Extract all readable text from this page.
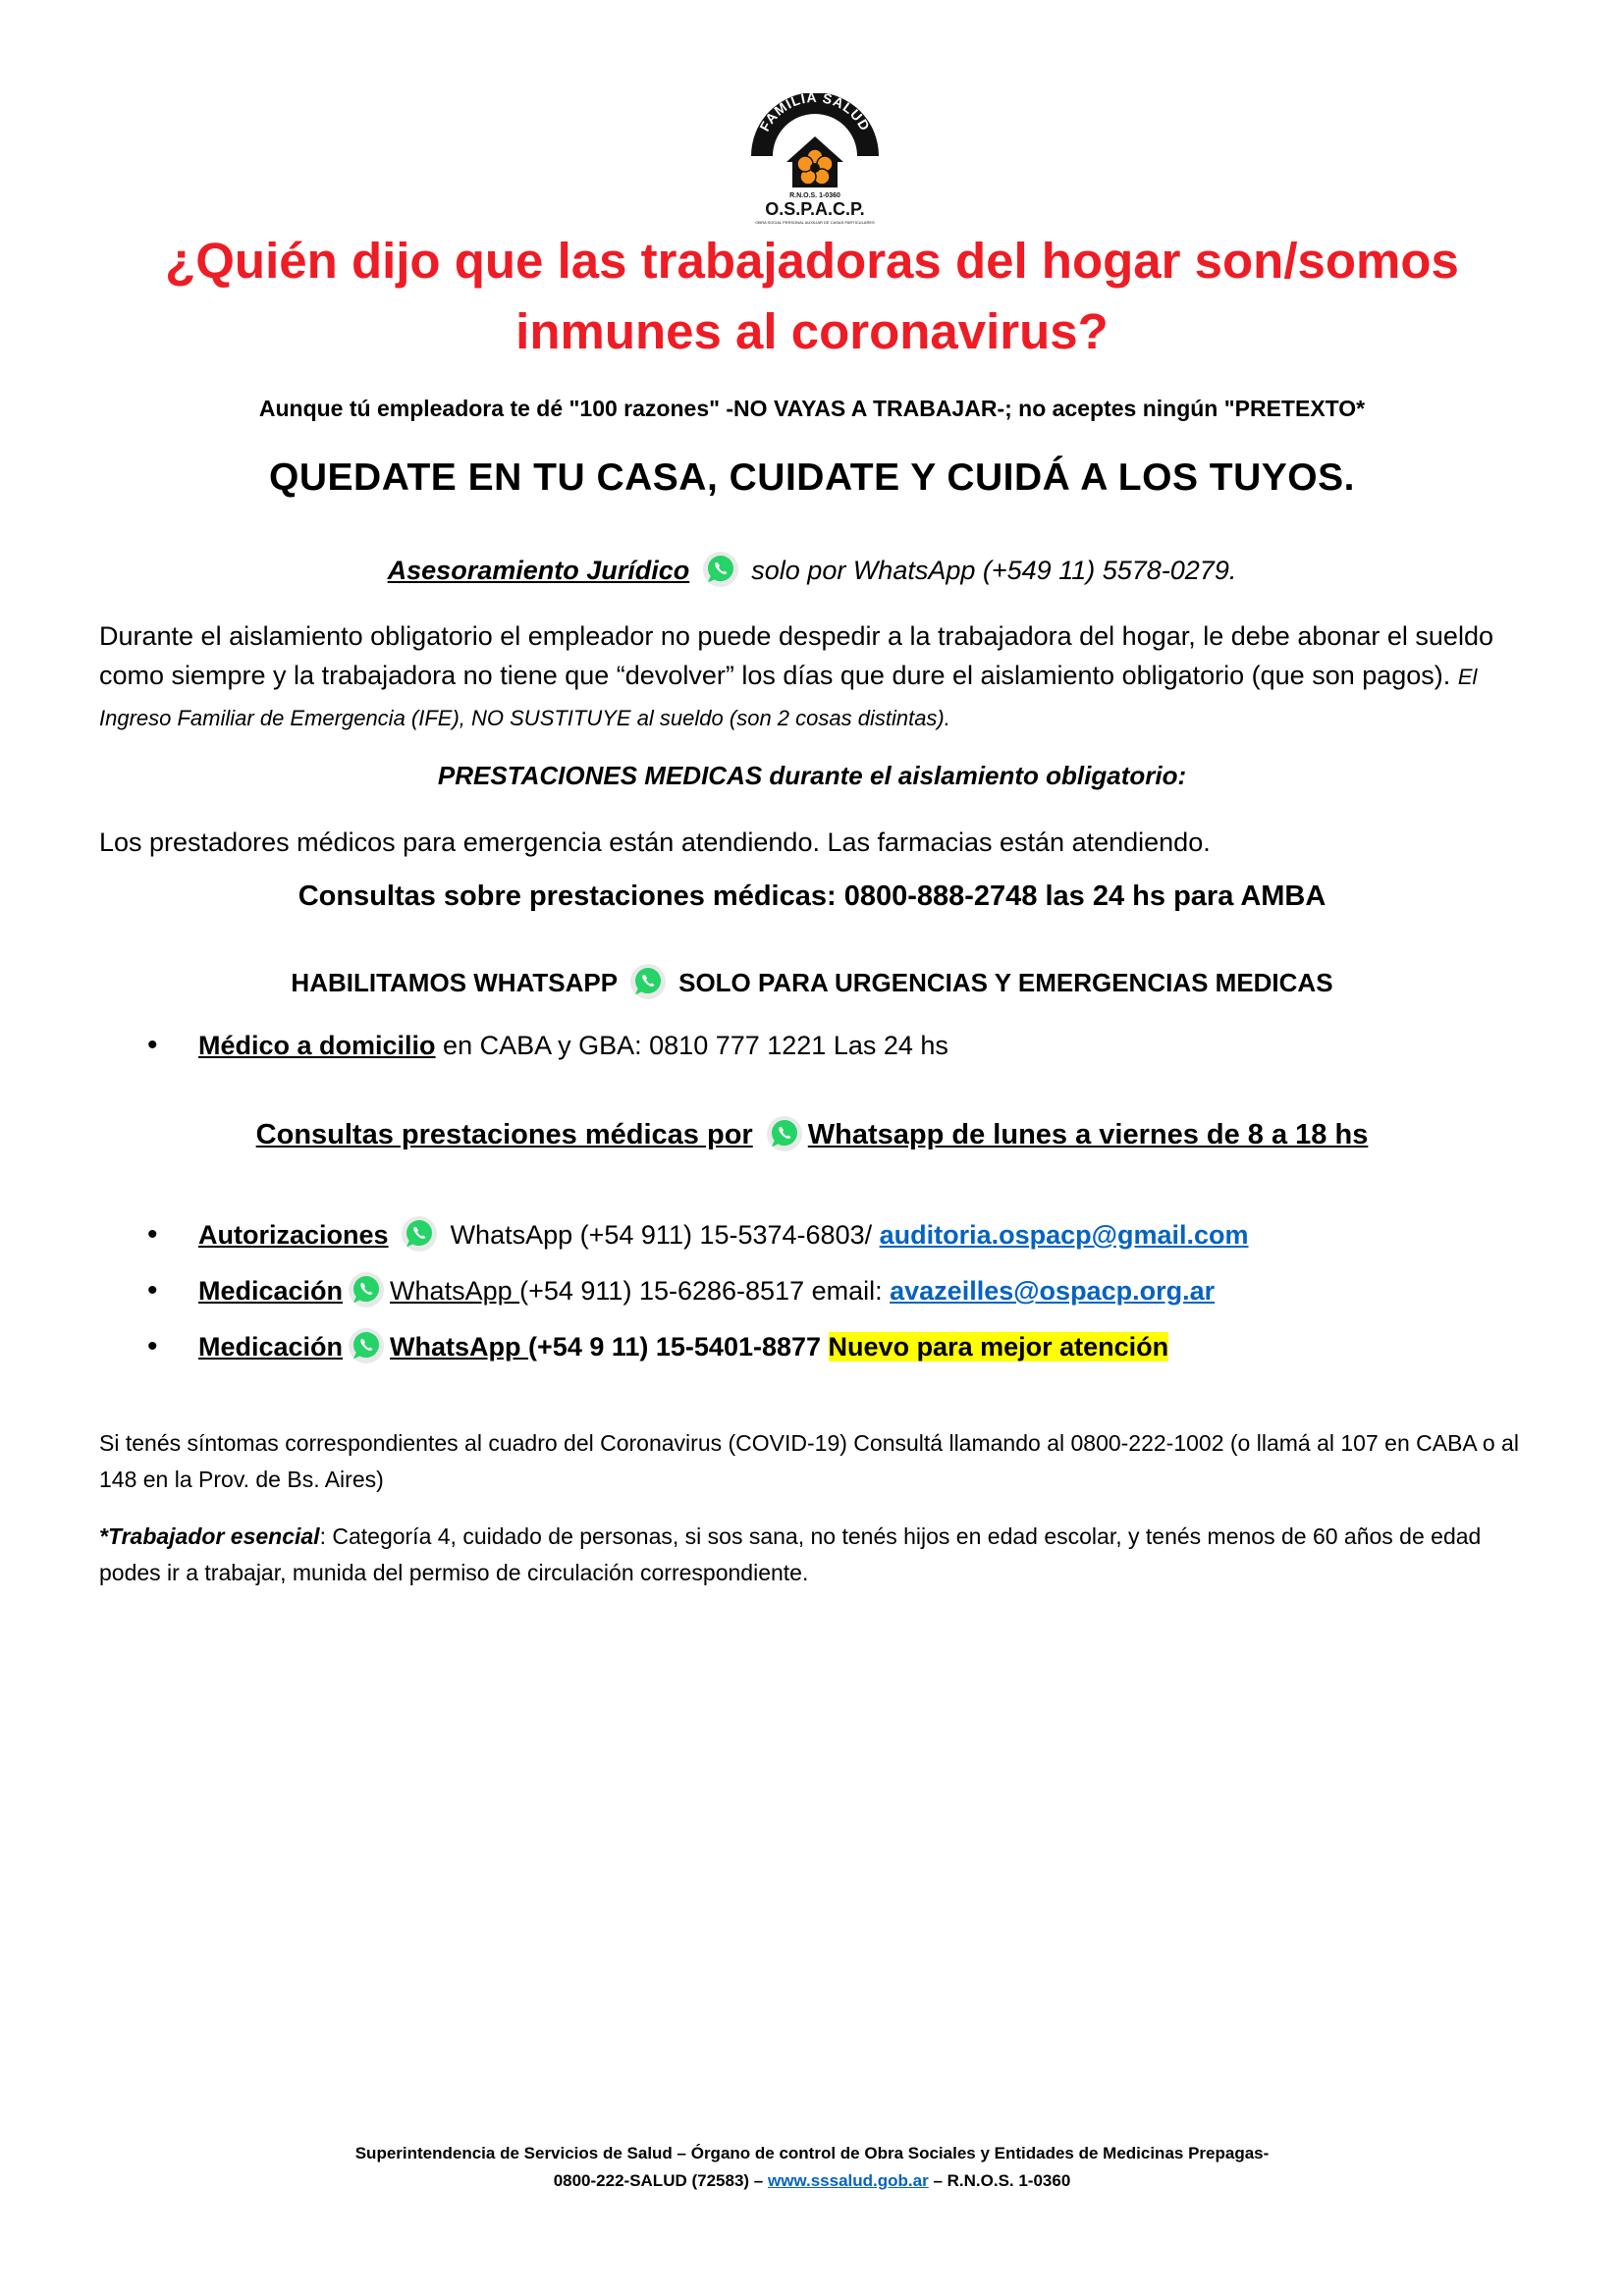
FAMILIA SALUD
R.N.O.S. 1-0360
O.S.P.A.C.P.
OBRA SOCIAL PERSONAL AUXILIAR DE CASAS PARTICULARES
¿Quién dijo que las trabajadoras del hogar son/somos
inmunes al coronavirus?
Aunque tú empleadora te dé "100 razones" -NO VAYAS A TRABAJAR-; no aceptes ningún "PRETEXTO*
QUEDATE EN TU CASA, CUIDATE Y CUIDÁ A LOS TUYOS.
Asesoramiento Jurídico  solo por WhatsApp (+549 11) 5578-0279.
Durante el aislamiento obligatorio el empleador no puede despedir a la trabajadora del hogar, le debe abonar el sueldo como siempre y la trabajadora no tiene que “devolver” los días que dure el aislamiento obligatorio (que son pagos). El Ingreso Familiar de Emergencia (IFE), NO SUSTITUYE al sueldo (son 2 cosas distintas).
PRESTACIONES MEDICAS durante el aislamiento obligatorio:
Los prestadores médicos para emergencia están atendiendo. Las farmacias están atendiendo.
Consultas sobre prestaciones médicas: 0800-888-2748 las 24 hs para AMBA
HABILITAMOS WHATSAPP  SOLO PARA URGENCIAS Y EMERGENCIAS MEDICAS
• Médico a domicilio en CABA y GBA: 0810 777 1221 Las 24 hs
Consultas prestaciones médicas por Whatsapp de lunes a viernes de 8 a 18 hs
• Autorizaciones  WhatsApp (+54 911) 15-5374-6803/ auditoria.ospacp@gmail.com
• Medicación WhatsApp (+54 911) 15-6286-8517 email: avazeilles@ospacp.org.ar
• Medicación WhatsApp (+54 9 11) 15-5401-8877 Nuevo para mejor atención
Si tenés síntomas correspondientes al cuadro del Coronavirus (COVID-19) Consultá llamando al 0800-222-1002 (o llamá al 107 en CABA o al 148 en la Prov. de Bs. Aires)
*Trabajador esencial: Categoría 4, cuidado de personas, si sos sana, no tenés hijos en edad escolar, y tenés menos de 60 años de edad podes ir a trabajar, munida del permiso de circulación correspondiente.
Superintendencia de Servicios de Salud – Órgano de control de Obra Sociales y Entidades de Medicinas Prepagas-
0800-222-SALUD (72583) – www.sssalud.gob.ar – R.N.O.S. 1-0360
